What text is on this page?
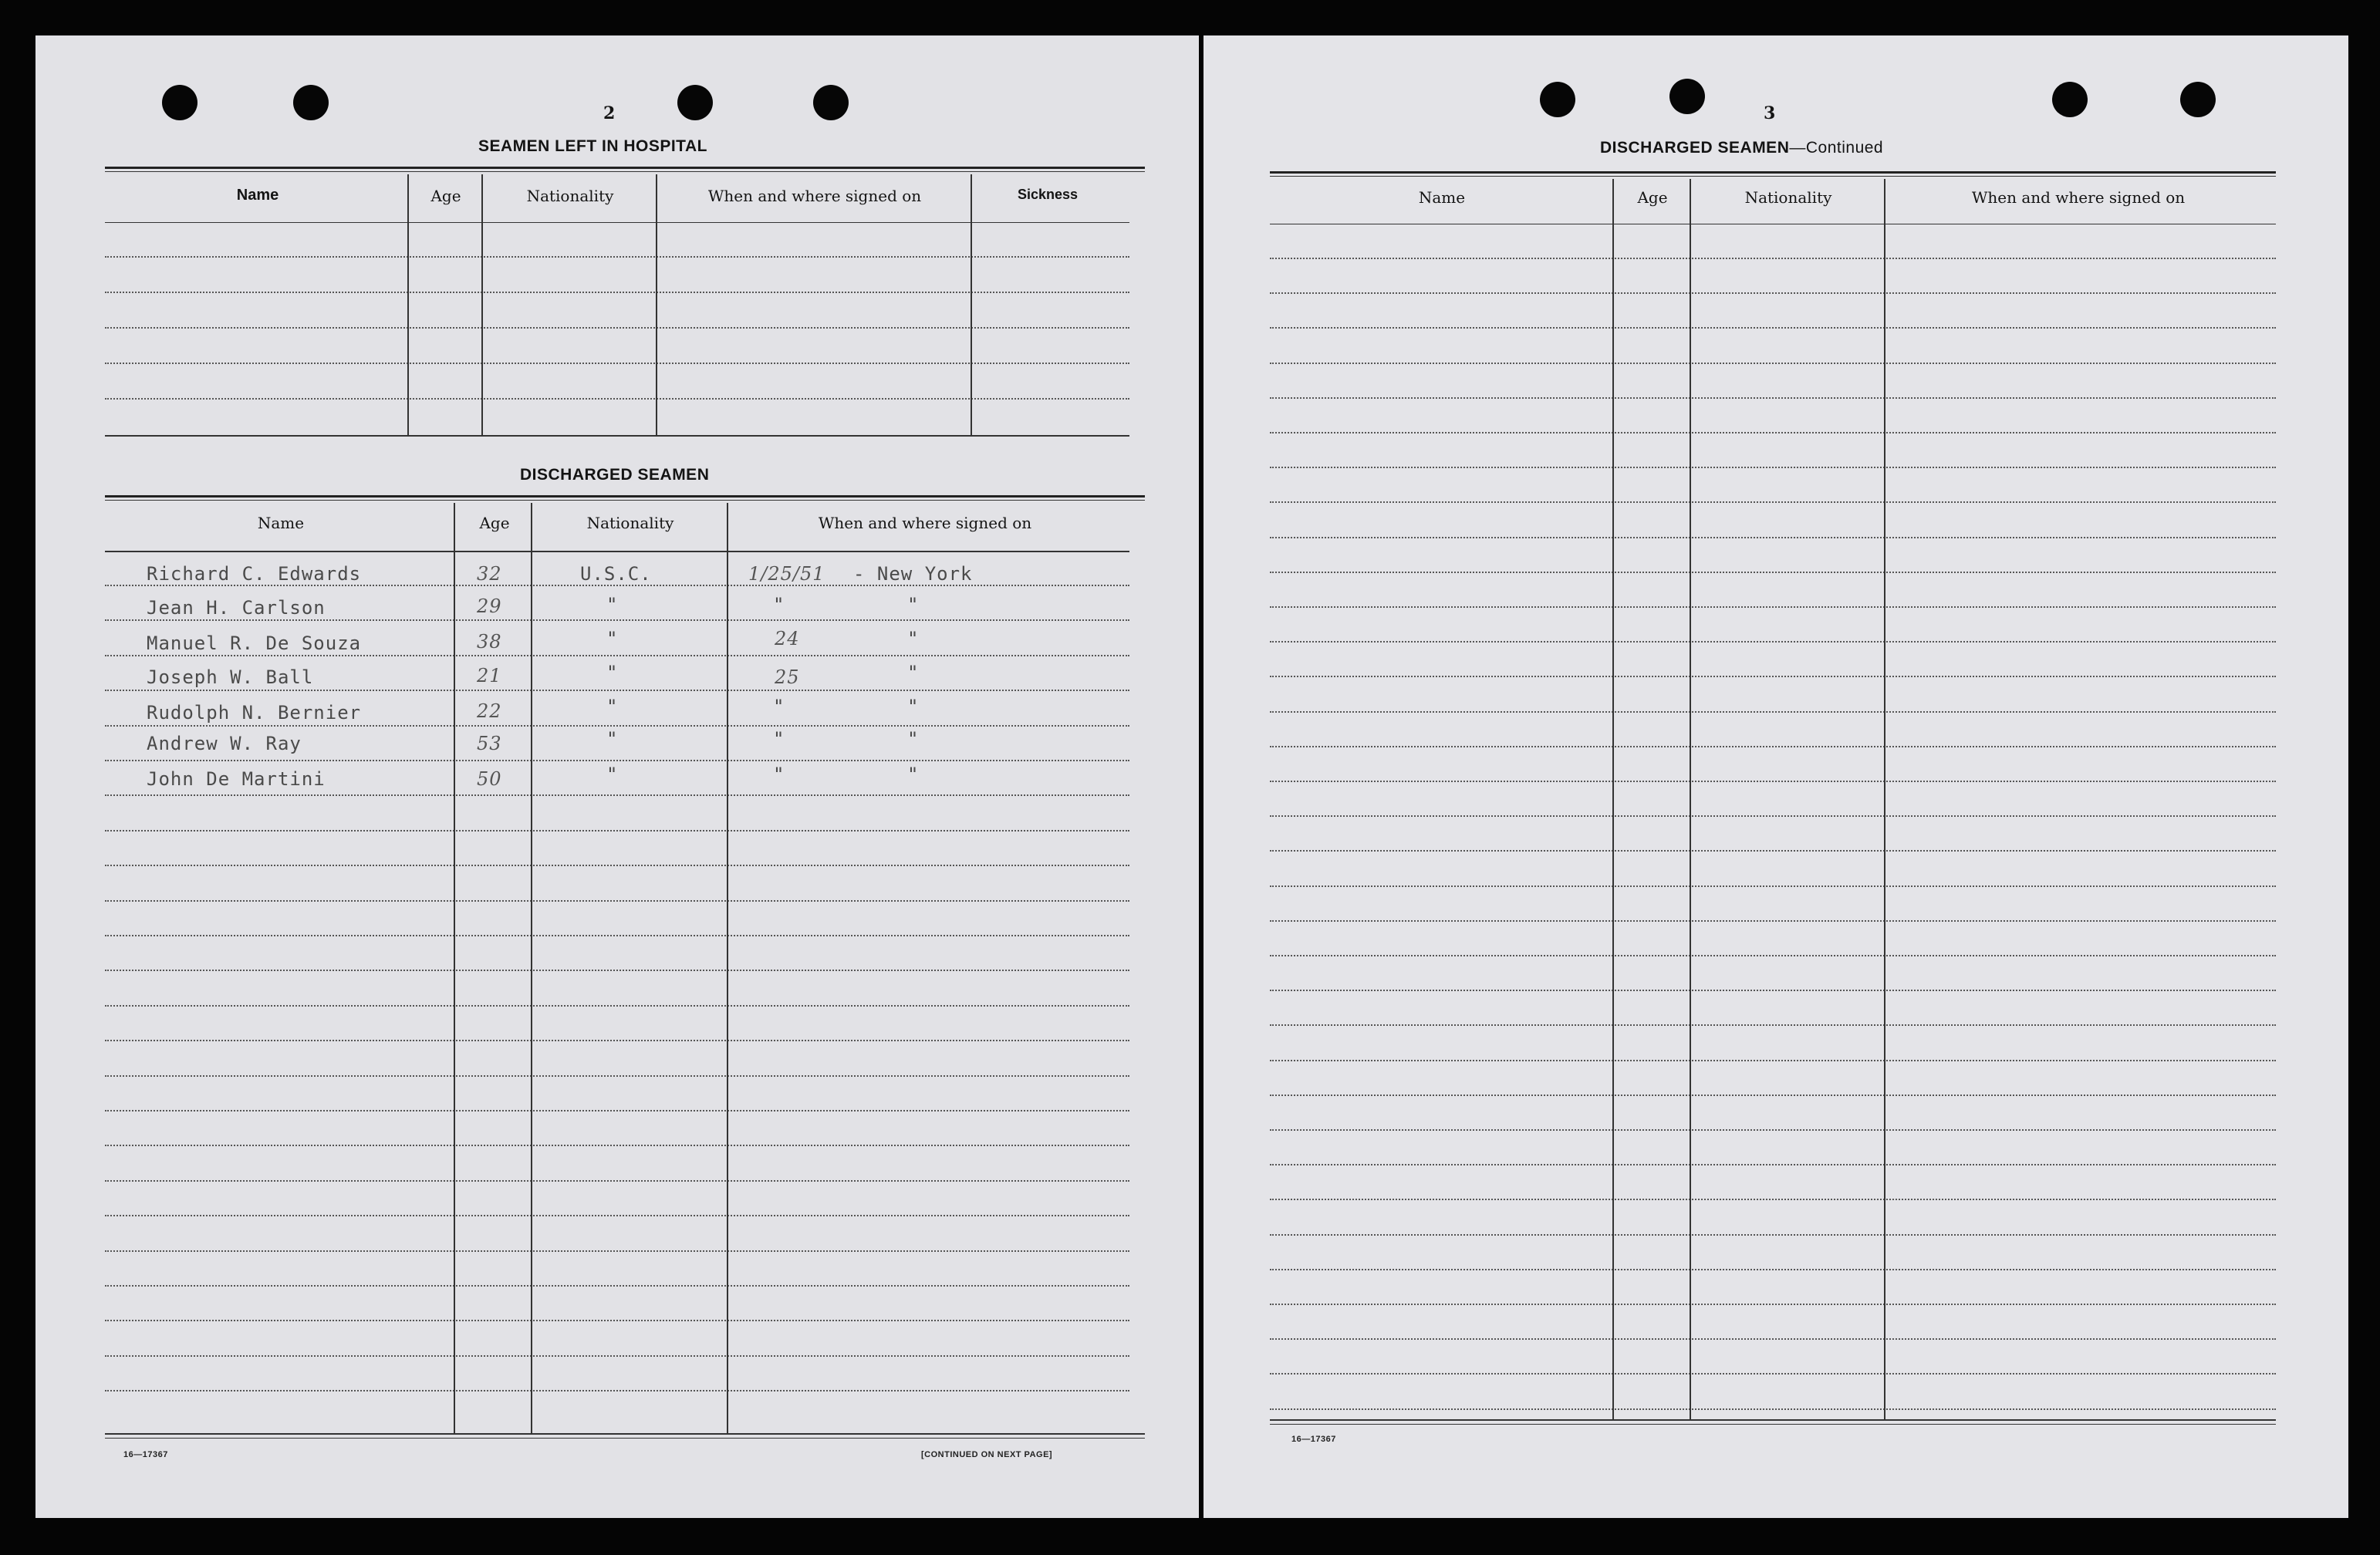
2
SEAMEN LEFT IN HOSPITAL
Name	Age	Nationality	When and where signed on	Sickness
DISCHARGED SEAMEN
Name	Age	Nationality	When and where signed on
Richard C. Edwards	32	U.S.C.	1/25/51 - New York
Jean H. Carlson	29	"	"	"
Manuel R. De Souza	38	"	24	"
Joseph W. Ball	21	"	25	"
Rudolph N. Bernier	22	"	"	"
Andrew W. Ray	53	"	"	"
John De Martini	50	"	"	"
16—17367	[CONTINUED ON NEXT PAGE]
3
DISCHARGED SEAMEN—Continued
Name	Age	Nationality	When and where signed on
16—17367
